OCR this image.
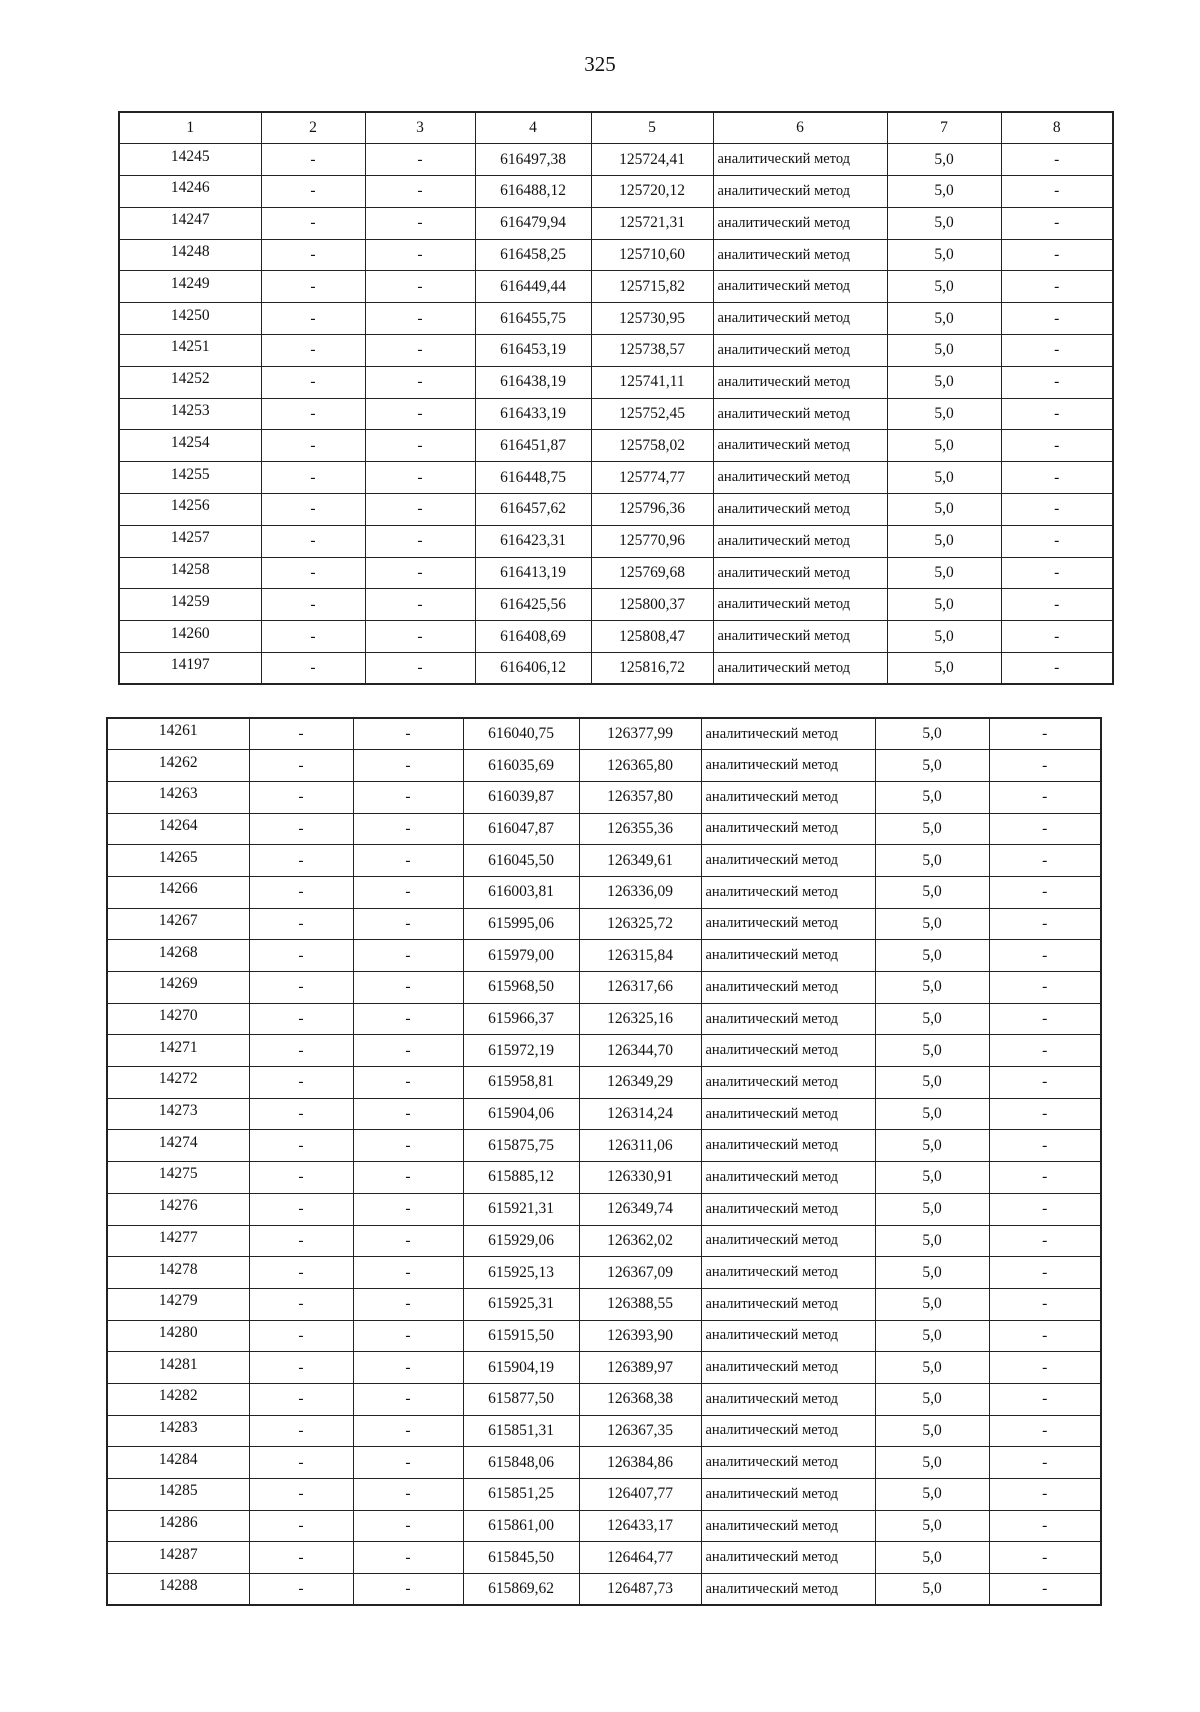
325
1	2	3	4	5	6	7	8
14245	-	-	616497,38	125724,41	аналитический метод	5,0	-
14246	-	-	616488,12	125720,12	аналитический метод	5,0	-
14247	-	-	616479,94	125721,31	аналитический метод	5,0	-
14248	-	-	616458,25	125710,60	аналитический метод	5,0	-
14249	-	-	616449,44	125715,82	аналитический метод	5,0	-
14250	-	-	616455,75	125730,95	аналитический метод	5,0	-
14251	-	-	616453,19	125738,57	аналитический метод	5,0	-
14252	-	-	616438,19	125741,11	аналитический метод	5,0	-
14253	-	-	616433,19	125752,45	аналитический метод	5,0	-
14254	-	-	616451,87	125758,02	аналитический метод	5,0	-
14255	-	-	616448,75	125774,77	аналитический метод	5,0	-
14256	-	-	616457,62	125796,36	аналитический метод	5,0	-
14257	-	-	616423,31	125770,96	аналитический метод	5,0	-
14258	-	-	616413,19	125769,68	аналитический метод	5,0	-
14259	-	-	616425,56	125800,37	аналитический метод	5,0	-
14260	-	-	616408,69	125808,47	аналитический метод	5,0	-
14197	-	-	616406,12	125816,72	аналитический метод	5,0	-
14261	-	-	616040,75	126377,99	аналитический метод	5,0	-
14262	-	-	616035,69	126365,80	аналитический метод	5,0	-
14263	-	-	616039,87	126357,80	аналитический метод	5,0	-
14264	-	-	616047,87	126355,36	аналитический метод	5,0	-
14265	-	-	616045,50	126349,61	аналитический метод	5,0	-
14266	-	-	616003,81	126336,09	аналитический метод	5,0	-
14267	-	-	615995,06	126325,72	аналитический метод	5,0	-
14268	-	-	615979,00	126315,84	аналитический метод	5,0	-
14269	-	-	615968,50	126317,66	аналитический метод	5,0	-
14270	-	-	615966,37	126325,16	аналитический метод	5,0	-
14271	-	-	615972,19	126344,70	аналитический метод	5,0	-
14272	-	-	615958,81	126349,29	аналитический метод	5,0	-
14273	-	-	615904,06	126314,24	аналитический метод	5,0	-
14274	-	-	615875,75	126311,06	аналитический метод	5,0	-
14275	-	-	615885,12	126330,91	аналитический метод	5,0	-
14276	-	-	615921,31	126349,74	аналитический метод	5,0	-
14277	-	-	615929,06	126362,02	аналитический метод	5,0	-
14278	-	-	615925,13	126367,09	аналитический метод	5,0	-
14279	-	-	615925,31	126388,55	аналитический метод	5,0	-
14280	-	-	615915,50	126393,90	аналитический метод	5,0	-
14281	-	-	615904,19	126389,97	аналитический метод	5,0	-
14282	-	-	615877,50	126368,38	аналитический метод	5,0	-
14283	-	-	615851,31	126367,35	аналитический метод	5,0	-
14284	-	-	615848,06	126384,86	аналитический метод	5,0	-
14285	-	-	615851,25	126407,77	аналитический метод	5,0	-
14286	-	-	615861,00	126433,17	аналитический метод	5,0	-
14287	-	-	615845,50	126464,77	аналитический метод	5,0	-
14288	-	-	615869,62	126487,73	аналитический метод	5,0	-
